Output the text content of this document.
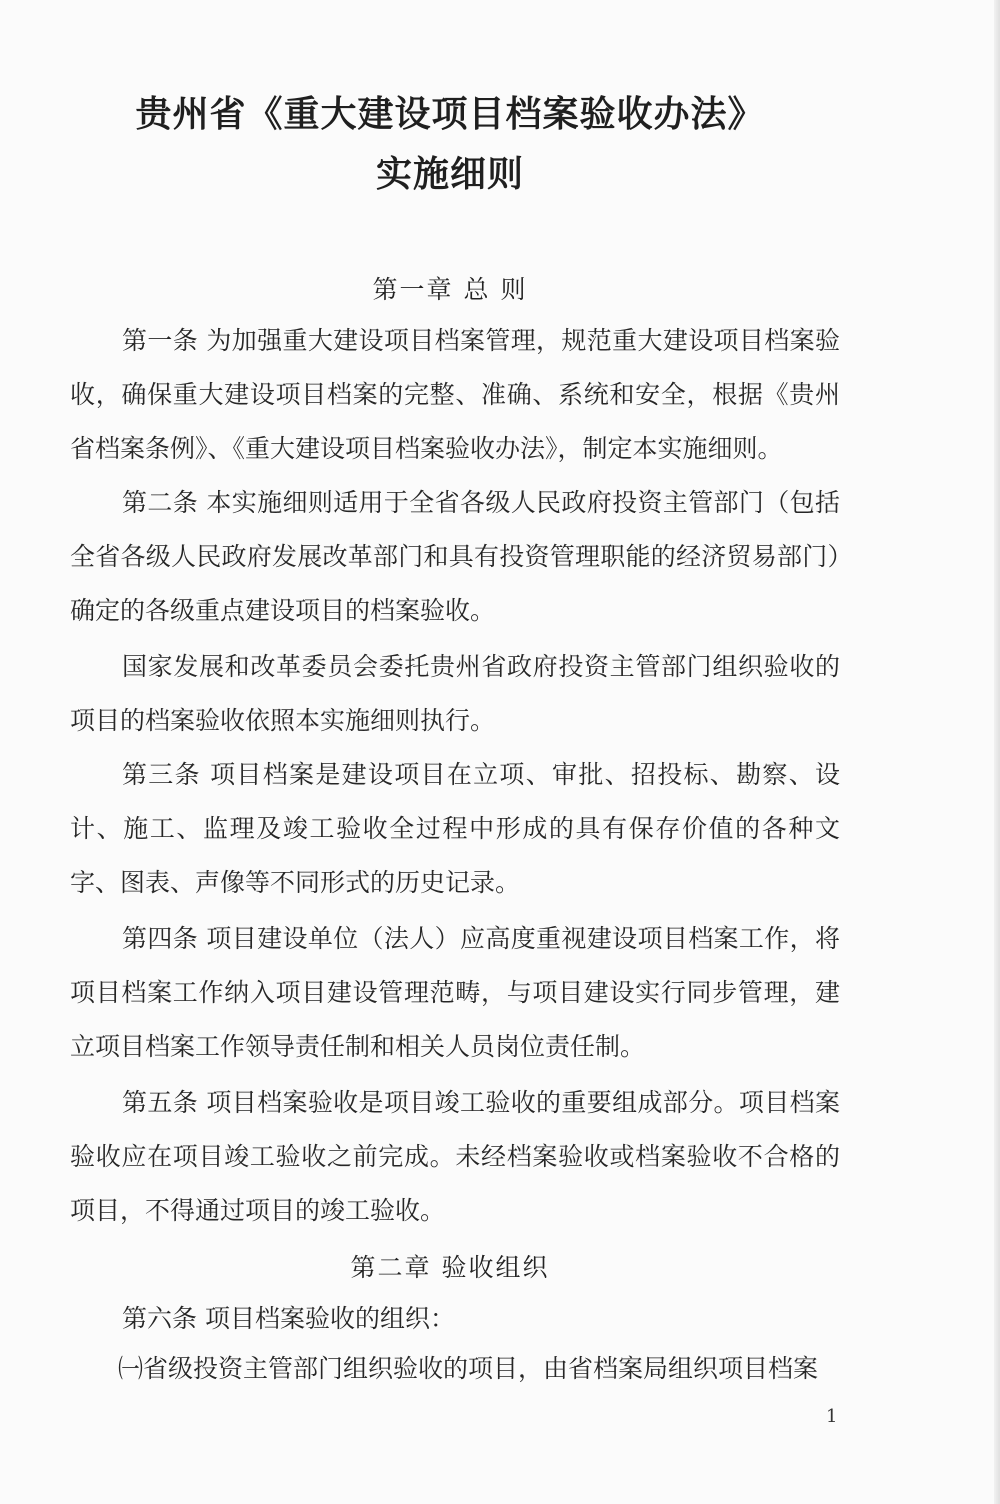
贵州省《重大建设项目档案验收办法》
实施细则
第一章 总 则
第一条 为加强重大建设项目档案管理，规范重大建设项目档案验收，确保重大建设项目档案的完整、准确、系统和安全，根据《贵州省档案条例》、《重大建设项目档案验收办法》，制定本实施细则。
第二条 本实施细则适用于全省各级人民政府投资主管部门（包括全省各级人民政府发展改革部门和具有投资管理职能的经济贸易部门）确定的各级重点建设项目的档案验收。
国家发展和改革委员会委托贵州省政府投资主管部门组织验收的项目的档案验收依照本实施细则执行。
第三条 项目档案是建设项目在立项、审批、招投标、勘察、设计、施工、监理及竣工验收全过程中形成的具有保存价值的各种文字、图表、声像等不同形式的历史记录。
第四条 项目建设单位（法人）应高度重视建设项目档案工作，将项目档案工作纳入项目建设管理范畴，与项目建设实行同步管理，建立项目档案工作领导责任制和相关人员岗位责任制。
第五条 项目档案验收是项目竣工验收的重要组成部分。项目档案验收应在项目竣工验收之前完成。未经档案验收或档案验收不合格的项目，不得通过项目的竣工验收。
第二章 验收组织
第六条 项目档案验收的组织：
㈠省级投资主管部门组织验收的项目，由省档案局组织项目档案
1
